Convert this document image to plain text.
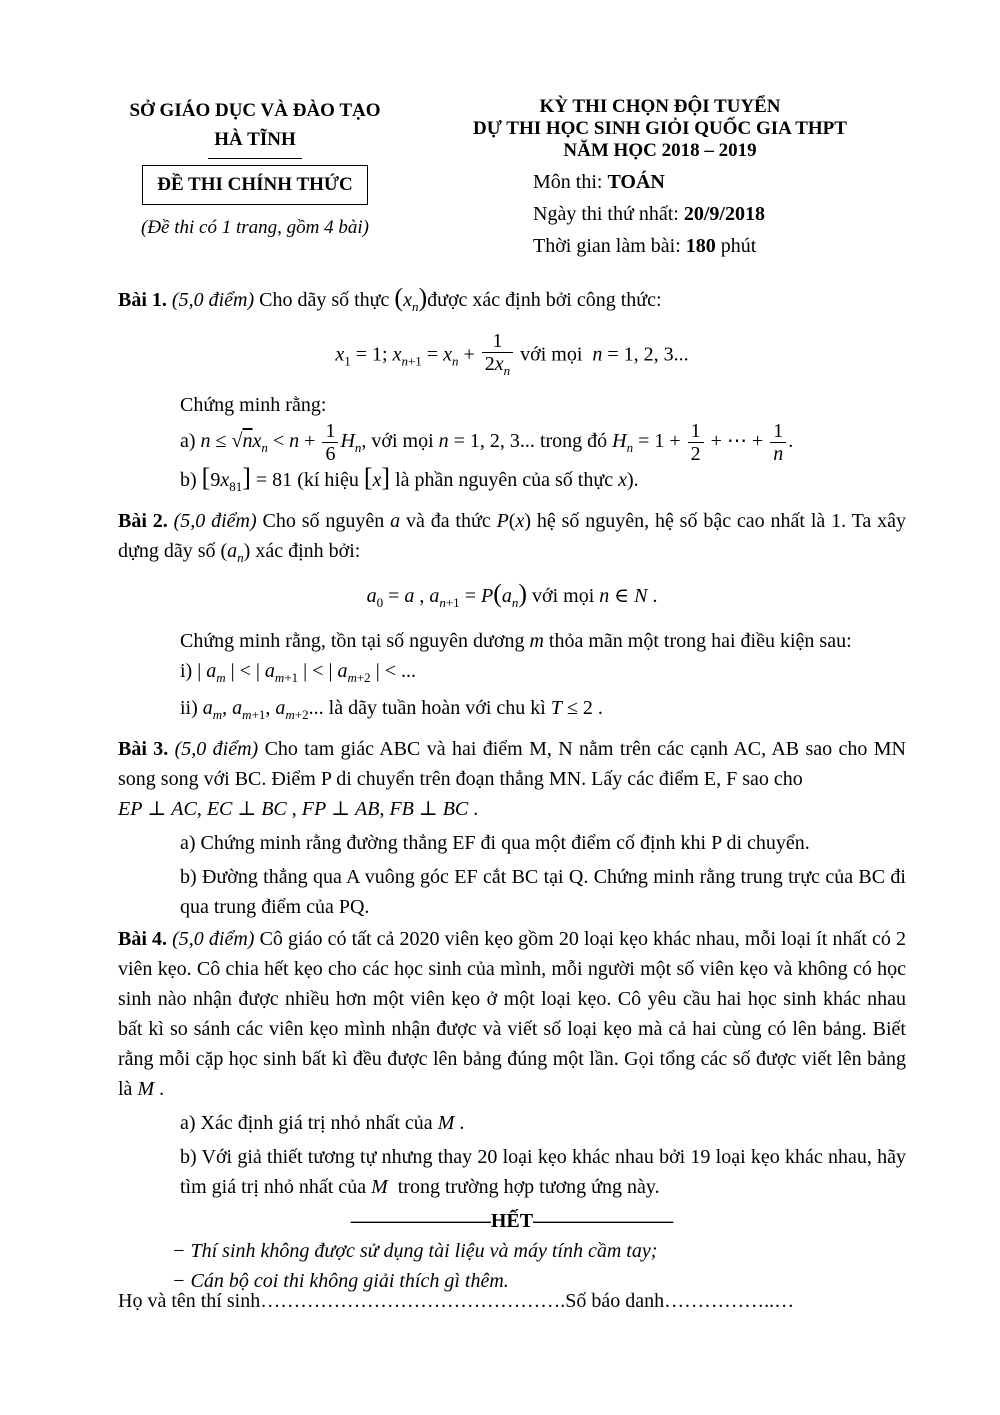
SỞ GIÁO DỤC VÀ ĐÀO TẠO
HÀ TĨNH
ĐỀ THI CHÍNH THỨC
(Đề thi có 1 trang, gồm 4 bài)
KỲ THI CHỌN ĐỘI TUYỂN
DỰ THI HỌC SINH GIỎI QUỐC GIA THPT
NĂM HỌC 2018 – 2019
Môn thi: TOÁN
Ngày thi thứ nhất: 20/9/2018
Thời gian làm bài: 180 phút

Bài 1. (5,0 điểm) Cho dãy số thực $(x_n)được$ xác định bởi công thức:

$x_1 = 1$; $x_{n+1} = x_n + \frac{1}{2x_n}$ với mọi n = 1, 2, 3...

Chứng minh rằng:

a) $n \le √nx_n < n + \frac{1}{6} H_n$, với mọi n = 1, 2, 3... trong đó $H_n = 1 + \frac{1}{2}$ + ⋯ + $\frac{1}{n}$ .

b) $[9x_{81}] = 81$ (kí hiệu [x] là phần nguyên của số thực x).

Bài 2. (5,0 điểm) Cho số nguyên a và đa thức P(x) hệ số nguyên, hệ số bậc cao nhất là 1. Ta xây dựng dãy số $(a_n)$ xác định bởi:

$a_0 = a$ , $a_{n+1} = P(a_n)$ với mọi n ∈ N .

Chứng minh rằng, tồn tại số nguyên dương m thỏa mãn một trong hai điều kiện sau:

i) | $a_m$ | < | $a_{m+1}$ | < | $a_{m+2}$ | < ...

ii) $a_m$, $a_{m+1}$, $a_{m+2}$... là dãy tuần hoàn với chu kì T ≤ 2 .

Bài 3. (5,0 điểm) Cho tam giác ABC và hai điểm M, N nằm trên các cạnh AC, AB sao cho MN song song với BC. Điểm P di chuyển trên đoạn thẳng MN. Lấy các điểm E, F sao cho

EP ⊥ AC, EC ⊥ BC , FP ⊥ AB, FB ⊥ BC .

a) Chứng minh rằng đường thẳng EF đi qua một điểm cố định khi P di chuyển.

b) Đường thẳng qua A vuông góc EF cắt BC tại Q. Chứng minh rằng trung trực của BC đi qua trung điểm của PQ.

Bài 4. (5,0 điểm) Cô giáo có tất cả 2020 viên kẹo gồm 20 loại kẹo khác nhau, mỗi loại ít nhất có 2 viên kẹo. Cô chia hết kẹo cho các học sinh của mình, mỗi người một số viên kẹo và không có học sinh nào nhận được nhiều hơn một viên kẹo ở một loại kẹo. Cô yêu cầu hai học sinh khác nhau bất kì so sánh các viên kẹo mình nhận được và viết số loại kẹo mà cả hai cùng có lên bảng. Biết rằng mỗi cặp học sinh bất kì đều được lên bảng đúng một lần. Gọi tổng các số được viết lên bảng là M .

a) Xác định giá trị nhỏ nhất của M .

b) Với giả thiết tương tự nhưng thay 20 loại kẹo khác nhau bởi 19 loại kẹo khác nhau, hãy tìm giá trị nhỏ nhất của M trong trường hợp tương ứng này.

———————HẾT———————

− Thí sinh không được sử dụng tài liệu và máy tính cầm tay;

− Cán bộ coi thi không giải thích gì thêm.

Họ và tên thí sinh……………………………………….Số báo danh……………..…
